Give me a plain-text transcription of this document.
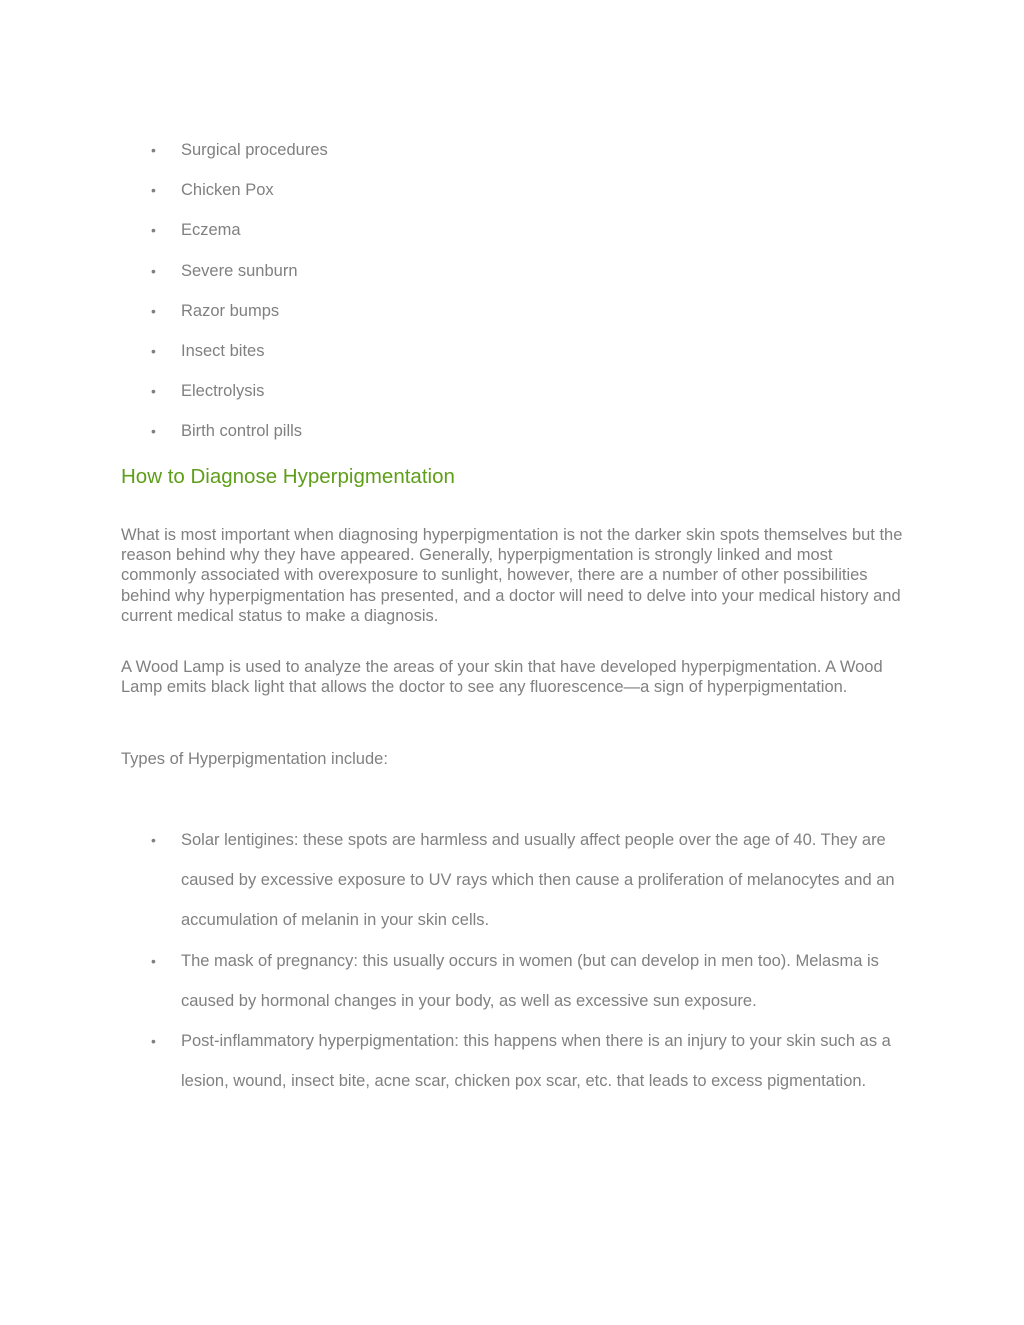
• Surgical procedures
• Chicken Pox
• Eczema
• Severe sunburn
• Razor bumps
• Insect bites
• Electrolysis
• Birth control pills
How to Diagnose Hyperpigmentation

What is most important when diagnosing hyperpigmentation is not the darker skin spots themselves but the reason behind why they have appeared. Generally, hyperpigmentation is strongly linked and most commonly associated with overexposure to sunlight, however, there are a number of other possibilities behind why hyperpigmentation has presented, and a doctor will need to delve into your medical history and current medical status to make a diagnosis.

A Wood Lamp is used to analyze the areas of your skin that have developed hyperpigmentation. A Wood Lamp emits black light that allows the doctor to see any fluorescence—a sign of hyperpigmentation.

Types of Hyperpigmentation include:

• Solar lentigines: these spots are harmless and usually affect people over the age of 40. They are caused by excessive exposure to UV rays which then cause a proliferation of melanocytes and an accumulation of melanin in your skin cells.
• The mask of pregnancy: this usually occurs in women (but can develop in men too). Melasma is caused by hormonal changes in your body, as well as excessive sun exposure.
• Post-inflammatory hyperpigmentation: this happens when there is an injury to your skin such as a lesion, wound, insect bite, acne scar, chicken pox scar, etc. that leads to excess pigmentation.
